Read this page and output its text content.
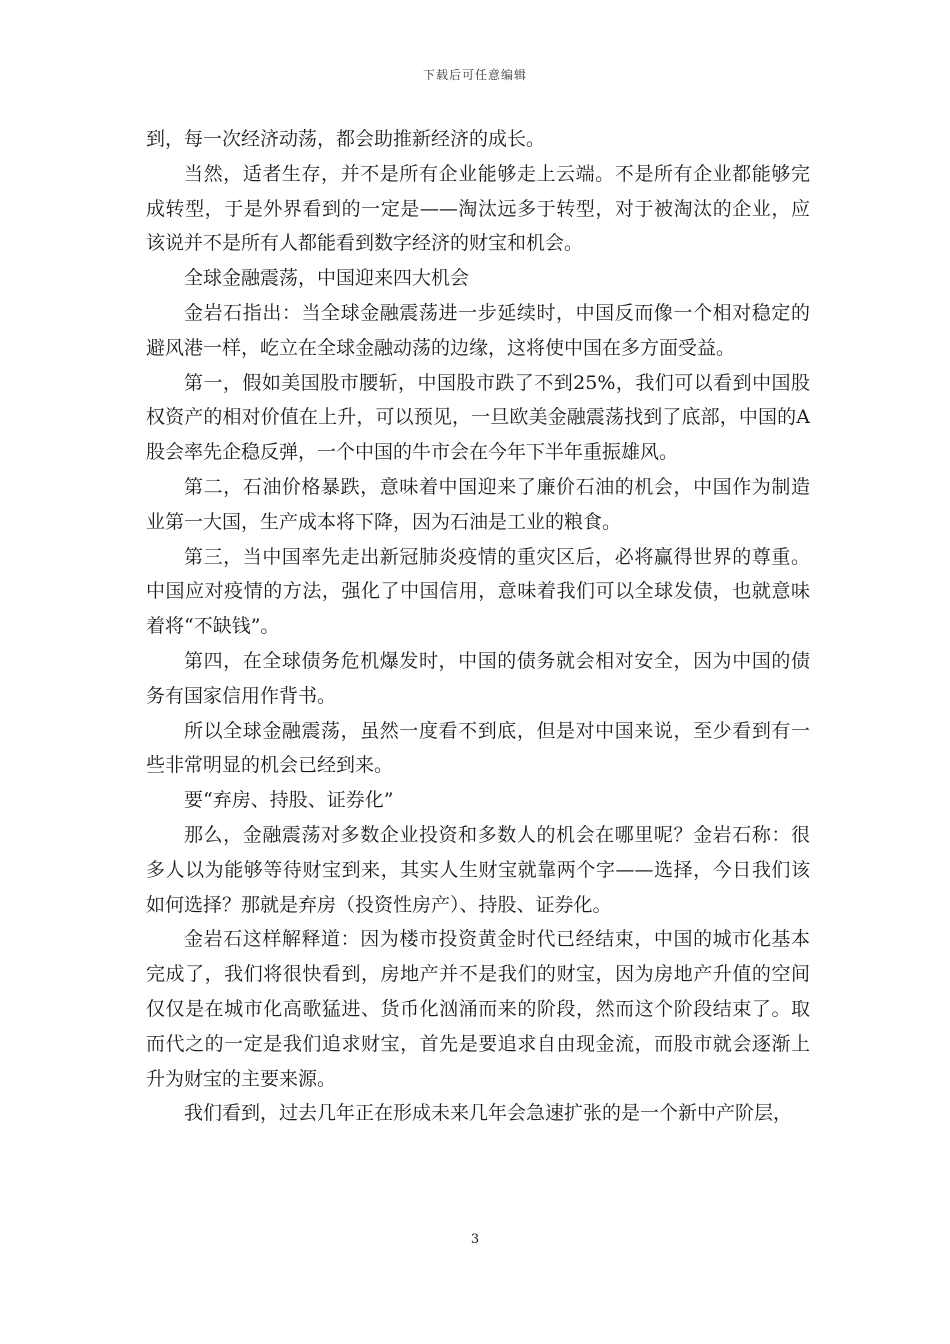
下载后可任意编辑

到，每一次经济动荡，都会助推新经济的成长。

当然，适者生存，并不是所有企业能够走上云端。不是所有企业都能够完成转型，于是外界看到的一定是——淘汰远多于转型，对于被淘汰的企业，应该说并不是所有人都能看到数字经济的财宝和机会。

全球金融震荡，中国迎来四大机会

金岩石指出：当全球金融震荡进一步延续时，中国反而像一个相对稳定的避风港一样，屹立在全球金融动荡的边缘，这将使中国在多方面受益。

第一，假如美国股市腰斩，中国股市跌了不到25%，我们可以看到中国股权资产的相对价值在上升，可以预见，一旦欧美金融震荡找到了底部，中国的A股会率先企稳反弹，一个中国的牛市会在今年下半年重振雄风。

第二，石油价格暴跌，意味着中国迎来了廉价石油的机会，中国作为制造业第一大国，生产成本将下降，因为石油是工业的粮食。

第三，当中国率先走出新冠肺炎疫情的重灾区后，必将赢得世界的尊重。中国应对疫情的方法，强化了中国信用，意味着我们可以全球发债，也就意味着将“不缺钱”。

第四，在全球债务危机爆发时，中国的债务就会相对安全，因为中国的债务有国家信用作背书。

所以全球金融震荡，虽然一度看不到底，但是对中国来说，至少看到有一些非常明显的机会已经到来。

要“弃房、持股、证券化”

那么，金融震荡对多数企业投资和多数人的机会在哪里呢？金岩石称：很多人以为能够等待财宝到来，其实人生财宝就靠两个字——选择，今日我们该如何选择？那就是弃房（投资性房产）、持股、证券化。

金岩石这样解释道：因为楼市投资黄金时代已经结束，中国的城市化基本完成了，我们将很快看到，房地产并不是我们的财宝，因为房地产升值的空间仅仅是在城市化高歌猛进、货币化汹涌而来的阶段，然而这个阶段结束了。取而代之的一定是我们追求财宝，首先是要追求自由现金流，而股市就会逐渐上升为财宝的主要来源。

我们看到，过去几年正在形成未来几年会急速扩张的是一个新中产阶层，

3
